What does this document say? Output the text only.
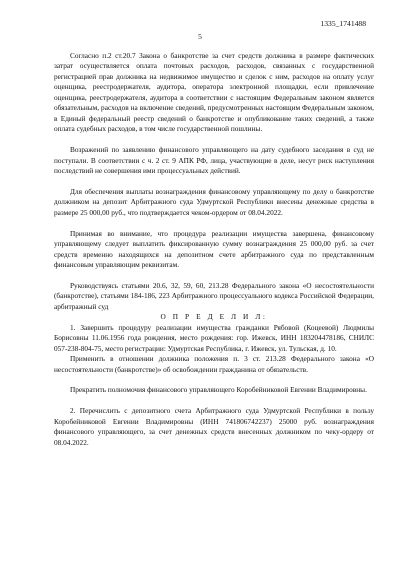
1335_1741488
5

Согласно п.2 ст.20.7 Закона о банкротстве за счет средств должника в размере фактических затрат осуществляется оплата почтовых расходов, расходов, связанных с государственной регистрацией прав должника на недвижимое имущество и сделок с ним, расходов на оплату услуг оценщика, реестродержателя, аудитора, оператора электронной площадки, если привлечение оценщика, реестродержателя, аудитора в соответствии с настоящим Федеральным законом является обязательным, расходов на включение сведений, предусмотренных настоящим Федеральным законом, в Единый федеральный реестр сведений о банкротстве и опубликование таких сведений, а также оплата судебных расходов, в том числе государственной пошлины.

Возражений по заявлению финансового управляющего на дату судебного заседания в суд не поступали. В соответствии с ч. 2 ст. 9 АПК РФ, лица, участвующие в деле, несут риск наступления последствий не совершения ими процессуальных действий.

Для обеспечения выплаты вознаграждения финансовому управляющему по делу о банкротстве должником на депозит Арбитражного суда Удмуртской Республики внесены денежные средства в размере 25 000,00 руб., что подтверждается чеком-ордером от 08.04.2022.

Принимая во внимание, что процедура реализации имущества завершена, финансовому управляющему следует выплатить фиксированную сумму вознаграждения 25 000,00 руб. за счет средств временно находящихся на депозитном счете арбитражного суда по представленным финансовым управляющим реквизитам.

Руководствуясь статьями 20.6, 32, 59, 60, 213.28 Федерального закона «О несостоятельности (банкротстве), статьями 184-186, 223 Арбитражного процессуального кодекса Российской Федерации, арбитражный суд

О П Р Е Д Е Л И Л:

1. Завершить процедуру реализации имущества гражданки Рябовой (Коцеевой) Людмилы Борисовны 11.06.1956 года рождения, место рождения: гор. Ижевск, ИНН 183204478186, СНИЛС 057-238-804-75, место регистрации: Удмуртская Республика, г. Ижевск, ул. Тульская, д. 10.

Применить в отношении должника положения п. 3 ст. 213.28 Федерального закона «О несостоятельности (банкротстве)» об освобождении гражданина от обязательств.

Прекратить полномочия финансового управляющего Коробейниковой Евгении Владимировны.

2. Перечислить с депозитного счета Арбитражного суда Удмуртской Республики в пользу Коробейниковой Евгении Владимировны (ИНН 741806742237) 25000 руб. вознаграждения финансового управляющего, за счет денежных средств внесенных должником по чеку-ордеру от 08.04.2022.
